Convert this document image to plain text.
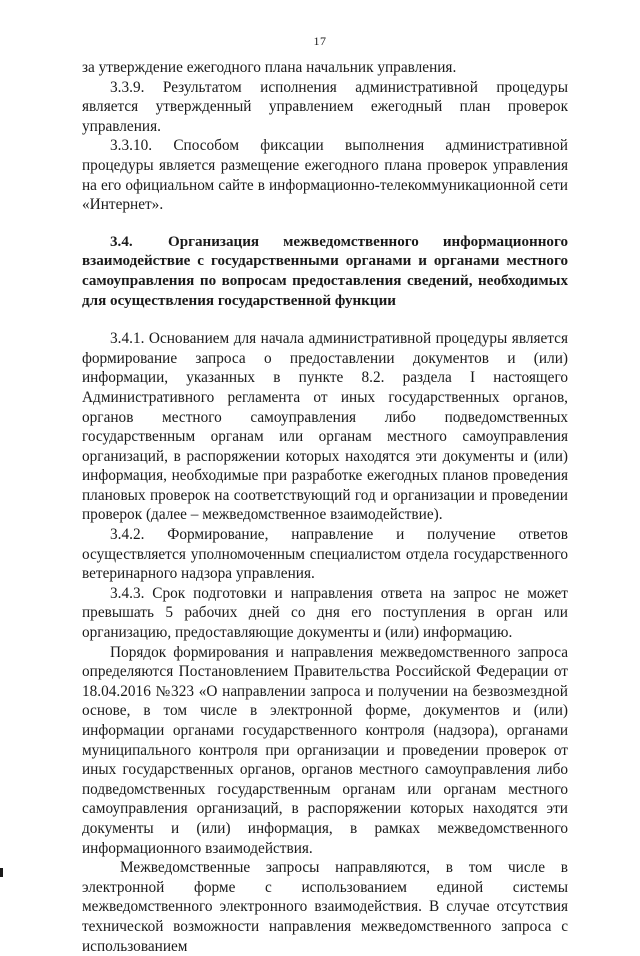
17

за утверждение ежегодного плана начальник управления.

3.3.9. Результатом исполнения административной процедуры является утвержденный управлением ежегодный план проверок управления.

3.3.10. Способом фиксации выполнения административной процедуры является размещение ежегодного плана проверок управления на его официальном сайте в информационно-телекоммуникационной сети «Интернет».

3.4. Организация межведомственного информационного взаимодействие с государственными органами и органами местного самоуправления по вопросам предоставления сведений, необходимых для осуществления государственной функции

3.4.1. Основанием для начала административной процедуры является формирование запроса о предоставлении документов и (или) информации, указанных в пункте 8.2. раздела I настоящего Административного регламента от иных государственных органов, органов местного самоуправления либо подведомственных государственным органам или органам местного самоуправления организаций, в распоряжении которых находятся эти документы и (или) информация, необходимые при разработке ежегодных планов проведения плановых проверок на соответствующий год и организации и проведении проверок (далее – межведомственное взаимодействие).

3.4.2. Формирование, направление и получение ответов осуществляется уполномоченным специалистом отдела государственного ветеринарного надзора управления.

3.4.3. Срок подготовки и направления ответа на запрос не может превышать 5 рабочих дней со дня его поступления в орган или организацию, предоставляющие документы и (или) информацию.

Порядок формирования и направления межведомственного запроса определяются Постановлением Правительства Российской Федерации от 18.04.2016 №323 «О направлении запроса и получении на безвозмездной основе, в том числе в электронной форме, документов и (или) информации органами государственного контроля (надзора), органами муниципального контроля при организации и проведении проверок от иных государственных органов, органов местного самоуправления либо подведомственных государственным органам или органам местного самоуправления организаций, в распоряжении которых находятся эти документы и (или) информация, в рамках межведомственного информационного взаимодействия.

Межведомственные запросы направляются, в том числе в электронной форме с использованием единой системы межведомственного электронного взаимодействия. В случае отсутствия технической возможности направления межведомственного запроса с использованием
